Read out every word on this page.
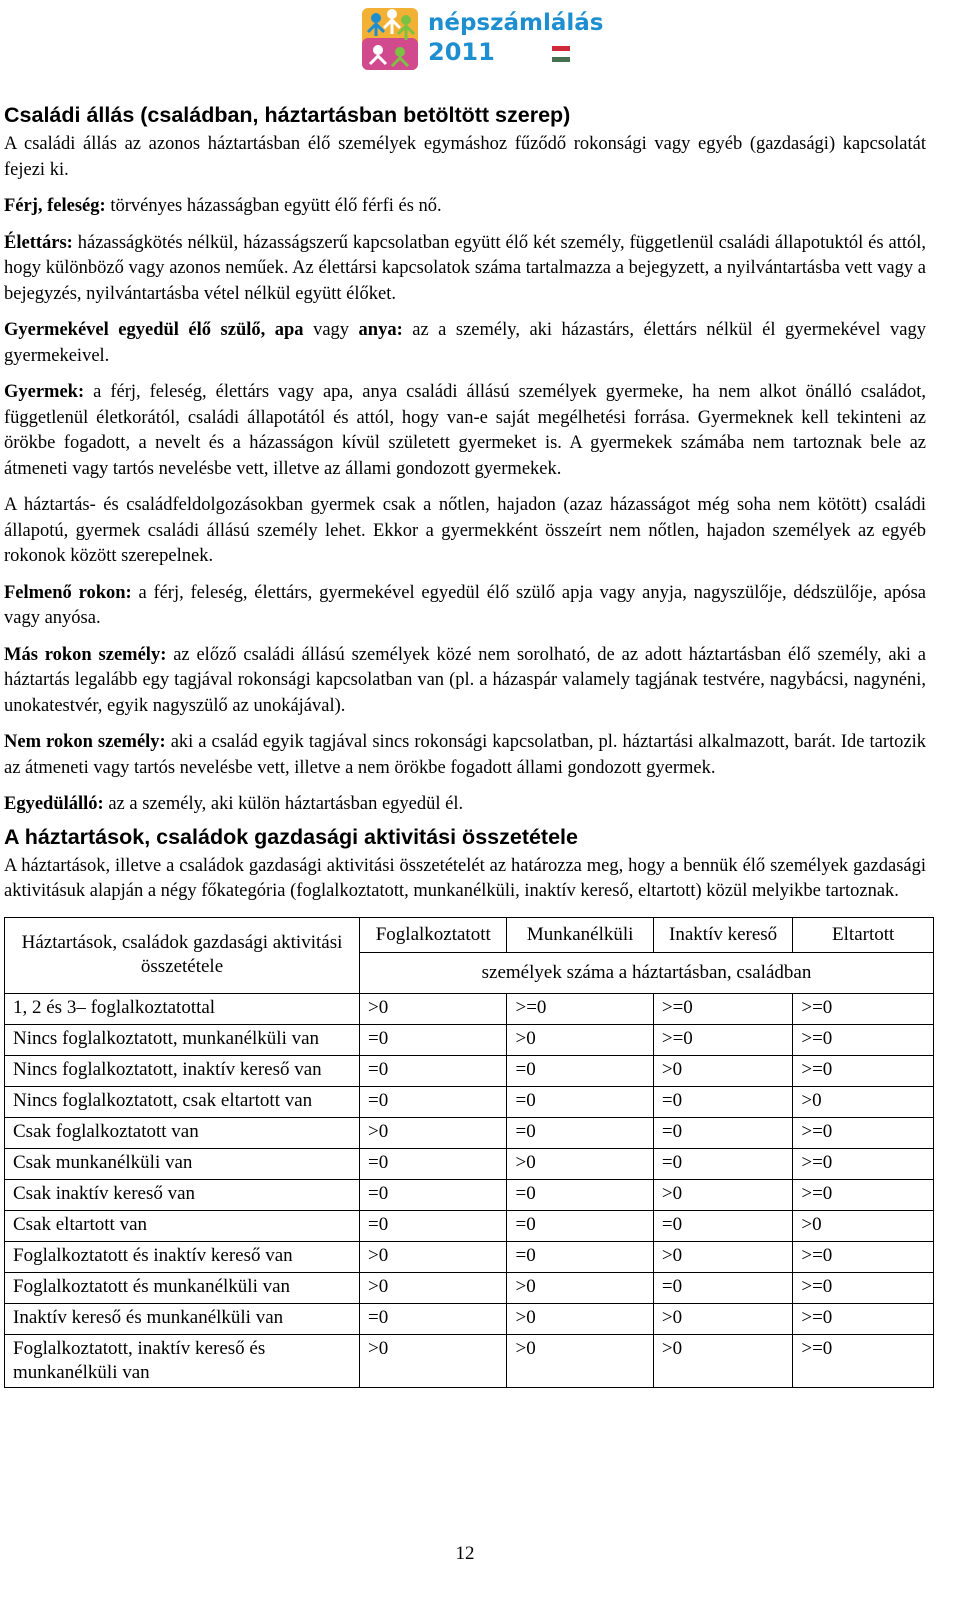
népszámlálás
2011
Családi állás (családban, háztartásban betöltött szerep)

A családi állás az azonos háztartásban élő személyek egymáshoz fűződő rokonsági vagy egyéb (gazdasági) kapcsolatát fejezi ki.

Férj, feleség: törvényes házasságban együtt élő férfi és nő.

Élettárs: házasságkötés nélkül, házasságszerű kapcsolatban együtt élő két személy, függetlenül családi állapotuktól és attól, hogy különböző vagy azonos neműek. Az élettársi kapcsolatok száma tartalmazza a bejegyzett, a nyilvántartásba vett vagy a bejegyzés, nyilvántartásba vétel nélkül együtt élőket.

Gyermekével egyedül élő szülő, apa vagy anya: az a személy, aki házastárs, élettárs nélkül él gyermekével vagy gyermekeivel.

Gyermek: a férj, feleség, élettárs vagy apa, anya családi állású személyek gyermeke, ha nem alkot önálló családot, függetlenül életkorától, családi állapotától és attól, hogy van-e saját megélhetési forrása. Gyermeknek kell tekinteni az örökbe fogadott, a nevelt és a házasságon kívül született gyermeket is. A gyermekek számába nem tartoznak bele az átmeneti vagy tartós nevelésbe vett, illetve az állami gondozott gyermekek.

A háztartás- és családfeldolgozásokban gyermek csak a nőtlen, hajadon (azaz házasságot még soha nem kötött) családi állapotú, gyermek családi állású személy lehet. Ekkor a gyermekként összeírt nem nőtlen, hajadon személyek az egyéb rokonok között szerepelnek.

Felmenő rokon: a férj, feleség, élettárs, gyermekével egyedül élő szülő apja vagy anyja, nagyszülője, dédszülője, apósa vagy anyósa.

Más rokon személy: az előző családi állású személyek közé nem sorolható, de az adott háztartásban élő személy, aki a háztartás legalább egy tagjával rokonsági kapcsolatban van (pl. a házaspár valamely tagjának testvére, nagybácsi, nagynéni, unokatestvér, egyik nagyszülő az unokájával).

Nem rokon személy: aki a család egyik tagjával sincs rokonsági kapcsolatban, pl. háztartási alkalmazott, barát. Ide tartozik az átmeneti vagy tartós nevelésbe vett, illetve a nem örökbe fogadott állami gondozott gyermek.

Egyedülálló: az a személy, aki külön háztartásban egyedül él.

A háztartások, családok gazdasági aktivitási összetétele

A háztartások, illetve a családok gazdasági aktivitási összetételét az határozza meg, hogy a bennük élő személyek gazdasági aktivitásuk alapján a négy főkategória (foglalkoztatott, munkanélküli, inaktív kereső, eltartott) közül melyikbe tartoznak.

Háztartások, családok gazdasági aktivitási összetétele	Foglalkoztatott	Munkanélküli	Inaktív kereső	Eltartott
	személyek száma a háztartásban, családban			
1, 2 és 3– foglalkoztatottal	>0	>=0	>=0	>=0
Nincs foglalkoztatott, munkanélküli van	=0	>0	>=0	>=0
Nincs foglalkoztatott, inaktív kereső van	=0	=0	>0	>=0
Nincs foglalkoztatott, csak eltartott van	=0	=0	=0	>0
Csak foglalkoztatott van	>0	=0	=0	>=0
Csak munkanélküli van	=0	>0	=0	>=0
Csak inaktív kereső van	=0	=0	>0	>=0
Csak eltartott van	=0	=0	=0	>0
Foglalkoztatott és inaktív kereső van	>0	=0	>0	>=0
Foglalkoztatott és munkanélküli van	>0	>0	=0	>=0
Inaktív kereső és munkanélküli van	=0	>0	>0	>=0
Foglalkoztatott, inaktív kereső és munkanélküli van	>0	>0	>0	>=0
12
